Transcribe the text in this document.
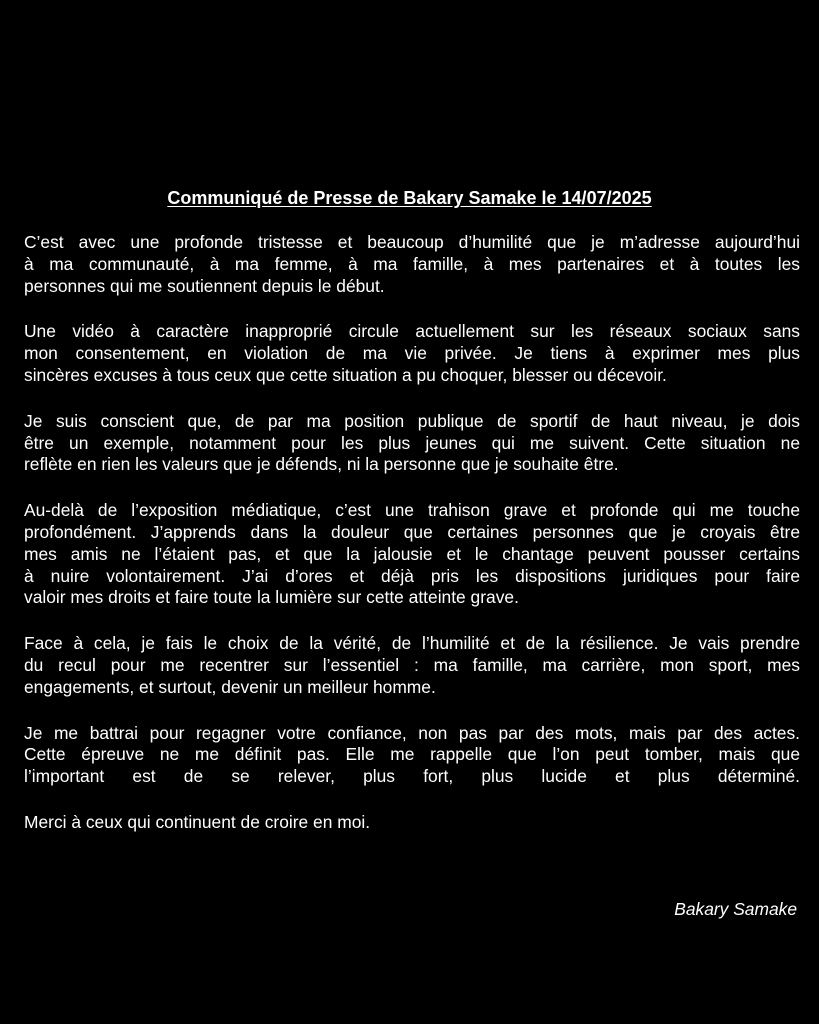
Communiqué de Presse de Bakary Samake le 14/07/2025

C’est avec une profonde tristesse et beaucoup d’humilité que je m’adresse aujourd’hui
à ma communauté, à ma femme, à ma famille, à mes partenaires et à toutes les
personnes qui me soutiennent depuis le début.

Une vidéo à caractère inapproprié circule actuellement sur les réseaux sociaux sans
mon consentement, en violation de ma vie privée. Je tiens à exprimer mes plus
sincères excuses à tous ceux que cette situation a pu choquer, blesser ou décevoir.

Je suis conscient que, de par ma position publique de sportif de haut niveau, je dois
être un exemple, notamment pour les plus jeunes qui me suivent. Cette situation ne
reflète en rien les valeurs que je défends, ni la personne que je souhaite être.

Au-delà de l’exposition médiatique, c’est une trahison grave et profonde qui me touche
profondément. J’apprends dans la douleur que certaines personnes que je croyais être
mes amis ne l’étaient pas, et que la jalousie et le chantage peuvent pousser certains
à nuire volontairement. J’ai d’ores et déjà pris les dispositions juridiques pour faire
valoir mes droits et faire toute la lumière sur cette atteinte grave.

Face à cela, je fais le choix de la vérité, de l’humilité et de la résilience. Je vais prendre
du recul pour me recentrer sur l’essentiel : ma famille, ma carrière, mon sport, mes
engagements, et surtout, devenir un meilleur homme.

Je me battrai pour regagner votre confiance, non pas par des mots, mais par des actes.
Cette épreuve ne me définit pas. Elle me rappelle que l’on peut tomber, mais que
l’important est de se relever, plus fort, plus lucide et plus déterminé.

Merci à ceux qui continuent de croire en moi.

Bakary Samake
